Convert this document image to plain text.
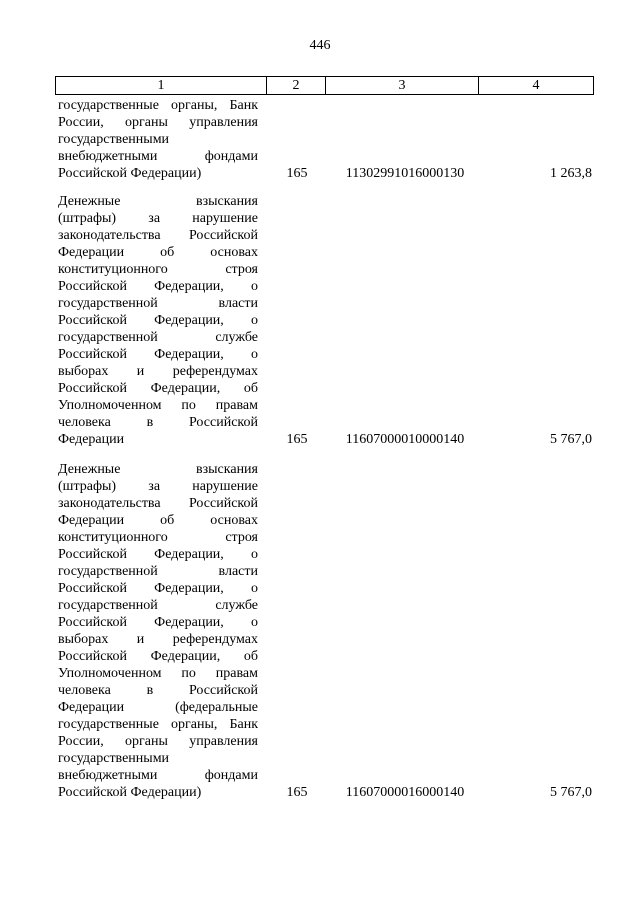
446
1	2	3	4
государственные органы, Банк
России, органы управления
государственными
внебюджетными фондами
Российской Федерации)	165	11302991016000130	1 263,8
Денежные взыскания
(штрафы) за нарушение
законодательства Российской
Федерации об основах
конституционного строя
Российской Федерации, о
государственной власти
Российской Федерации, о
государственной службе
Российской Федерации, о
выборах и референдумах
Российской Федерации, об
Уполномоченном по правам
человека в Российской
Федерации	165	11607000010000140	5 767,0
Денежные взыскания
(штрафы) за нарушение
законодательства Российской
Федерации об основах
конституционного строя
Российской Федерации, о
государственной власти
Российской Федерации, о
государственной службе
Российской Федерации, о
выборах и референдумах
Российской Федерации, об
Уполномоченном по правам
человека в Российской
Федерации (федеральные
государственные органы, Банк
России, органы управления
государственными
внебюджетными фондами
Российской Федерации)	165	11607000016000140	5 767,0
